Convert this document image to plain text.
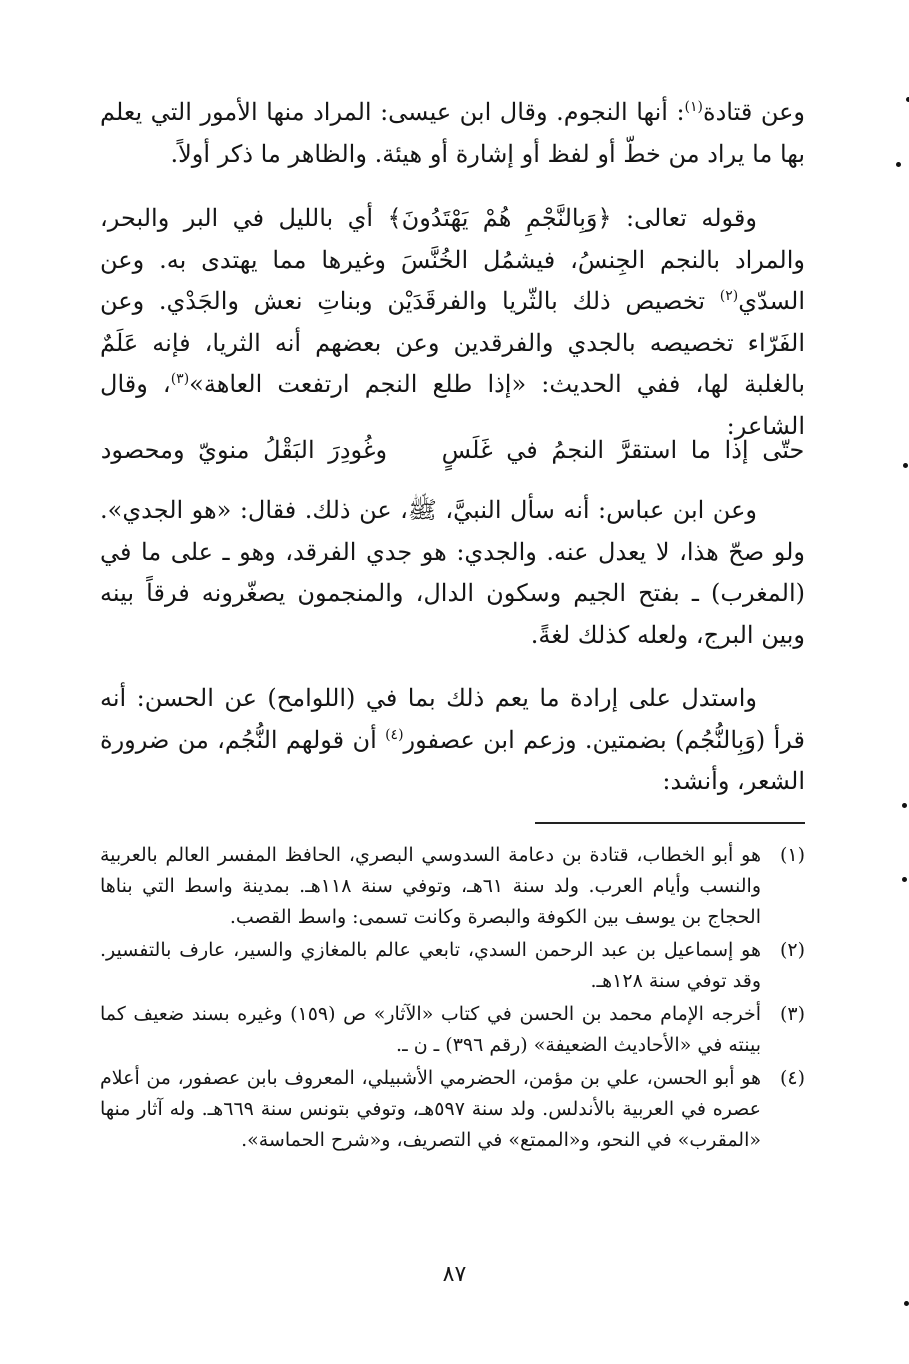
وعن قتادة$^{(١)}$: أنها النجوم. وقال ابن عيسى: المراد منها الأمور التي يعلم بها ما يراد من خطّ أو لفظ أو إشارة أو هيئة. والظاهر ما ذكر أولاً.

وقوله تعالى: ﴿وَبِالنَّجْمِ هُمْ يَهْتَدُونَ﴾ أي بالليل في البر والبحر، والمراد بالنجم الجِنسُ، فيشمُل الخُنَّسَ وغيرها مما يهتدى به. وعن السدّي$^{(٢)}$ تخصيص ذلك بالثّريا والفرقَدَيْن وبناتِ نعش والجَدْي. وعن الفَرّاء تخصيصه بالجدي والفرقدين وعن بعضهم أنه الثريا، فإنه عَلَمٌ بالغلبة لها، ففي الحديث: «إذا طلع النجم ارتفعت العاهة»$^{(٣)}$، وقال الشاعر:

حتّى إذا ما استقرَّ النجمُ في غَلَسٍ    وغُودِرَ البَقْلُ منويّ ومحصود

وعن ابن عباس: أنه سأل النبيَّ، ﷺ، عن ذلك. فقال: «هو الجدي». ولو صحّ هذا، لا يعدل عنه. والجدي: هو جدي الفرقد، وهو ـ على ما في (المغرب) ـ بفتح الجيم وسكون الدال، والمنجمون يصغّرونه فرقاً بينه وبين البرج، ولعله كذلك لغةً.

واستدل على إرادة ما يعم ذلك بما في (اللوامح) عن الحسن: أنه قرأ (وَبِالنُّجُم) بضمتين. وزعم ابن عصفور$^{(٤)}$ أن قولهم النُّجُم، من ضرورة الشعر، وأنشد:

(١)
هو أبو الخطاب، قتادة بن دعامة السدوسي البصري، الحافظ المفسر العالم بالعربية والنسب وأيام العرب. ولد سنة ٦١هـ، وتوفي سنة ١١٨هـ. بمدينة واسط التي بناها الحجاج بن يوسف بين الكوفة والبصرة وكانت تسمى: واسط القصب.
(٢)
هو إسماعيل بن عبد الرحمن السدي، تابعي عالم بالمغازي والسير، عارف بالتفسير. وقد توفي سنة ١٢٨هـ.
(٣)
أخرجه الإمام محمد بن الحسن في كتاب «الآثار» ص (١٥٩) وغيره بسند ضعيف كما بينته في «الأحاديث الضعيفة» (رقم ٣٩٦) ـ ن ـ.
(٤)
هو أبو الحسن، علي بن مؤمن، الحضرمي الأشبيلي، المعروف بابن عصفور، من أعلام عصره في العربية بالأندلس. ولد سنة ٥٩٧هـ، وتوفي بتونس سنة ٦٦٩هـ. وله آثار منها «المقرب» في النحو، و«الممتع» في التصريف، و«شرح الحماسة».
٨٧
